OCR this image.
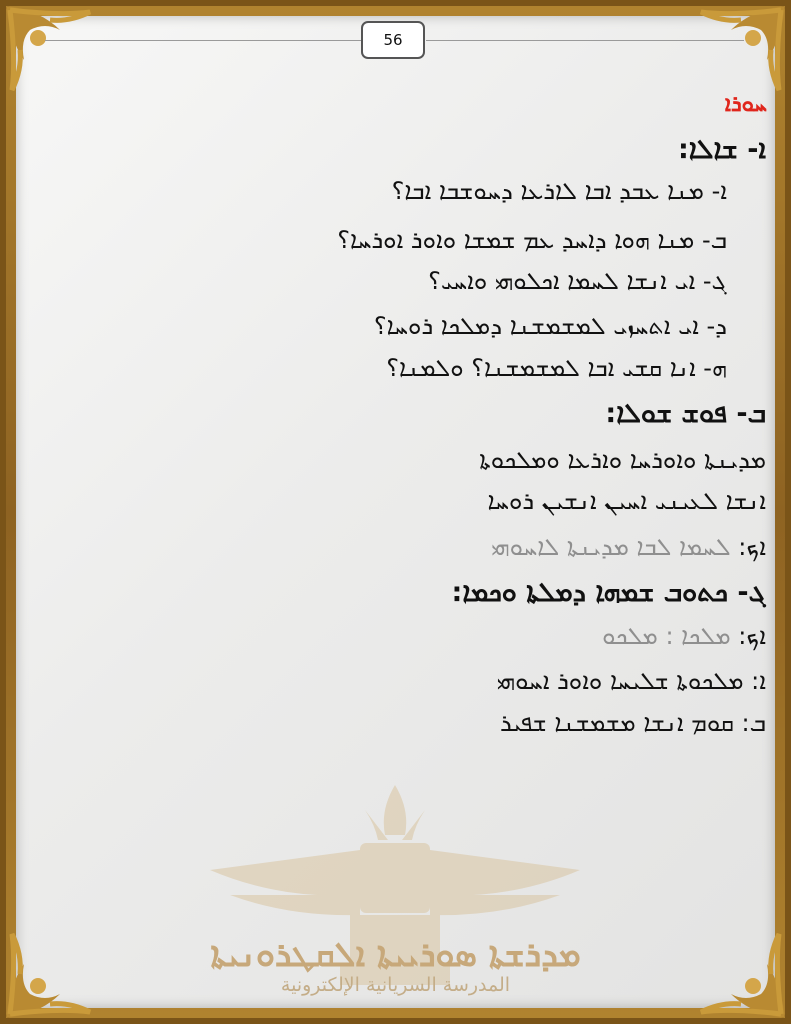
ܡܕܪܫܬܐ ܣܘܪܝܝܬܐ ܐܠܩܛܪܘܢܝܬܐ
المدرسة السريانية الإلكترونية
56
ܚܘܪܐ
ܐ- ܫܐܠܐ:
ܐ- ܡܢܐ ܥܒܕ ܐܒܐ ܠܐܪܥܐ ܕܚܘܫܒܐ ܐܒܐ؟
ܒ- ܡܢܐ ܗܘܐ ܕܐܚܕ ܥܡ ܫܡܫܐ ܘܐܘܪ ܐܘܪܚܐ؟
ܓ- ܐܝ ܐܢܫܐ ܠܚܡܐ ܐܟܠܘܗܝ ܘܐܚܝ؟
ܕ- ܐܝ ܐܬܚܙܝ ܠܡܫܡܫܢܐ ܕܡܠܟܐ ܪܘܚܐ؟
ܗ- ܐܢܐ ܩܫܝ ܐܒܐ ܠܡܫܡܫܢܐ؟ ܘܠܡܢܐ؟
ܒ- ܦܘܫ ܫܘܠܐ:
ܡܕܝܢܬܐ ܘܐܘܪܚܐ ܘܐܪܥܐ ܘܡܠܟܘܬܐ
ܐܢܫܐ ܠܥܝܢܝ ܐܚܝܢ ܐܢܫܝܢ ܪܘܚܐ
ܐܟ: ܠܚܡܐ ܠܒܐ ܡܕܝܢܬܐ ܠܐܚܘܗܝ
ܓ- ܟܬܘܒ ܫܡܗܐ ܕܡܠܬܐ ܘܟܡܐ:
ܐܟ: ܡܠܟܐ : ܡܠܟܘ
ܐ: ܡܠܟܘܬܐ ܫܠܝܚܐ ܘܐܘܪ ܐܚܘܗܝ
ܒ: ܩܘܡ ܐܢܫܐ ܡܫܡܫܢܐ ܫܦܝܪ
